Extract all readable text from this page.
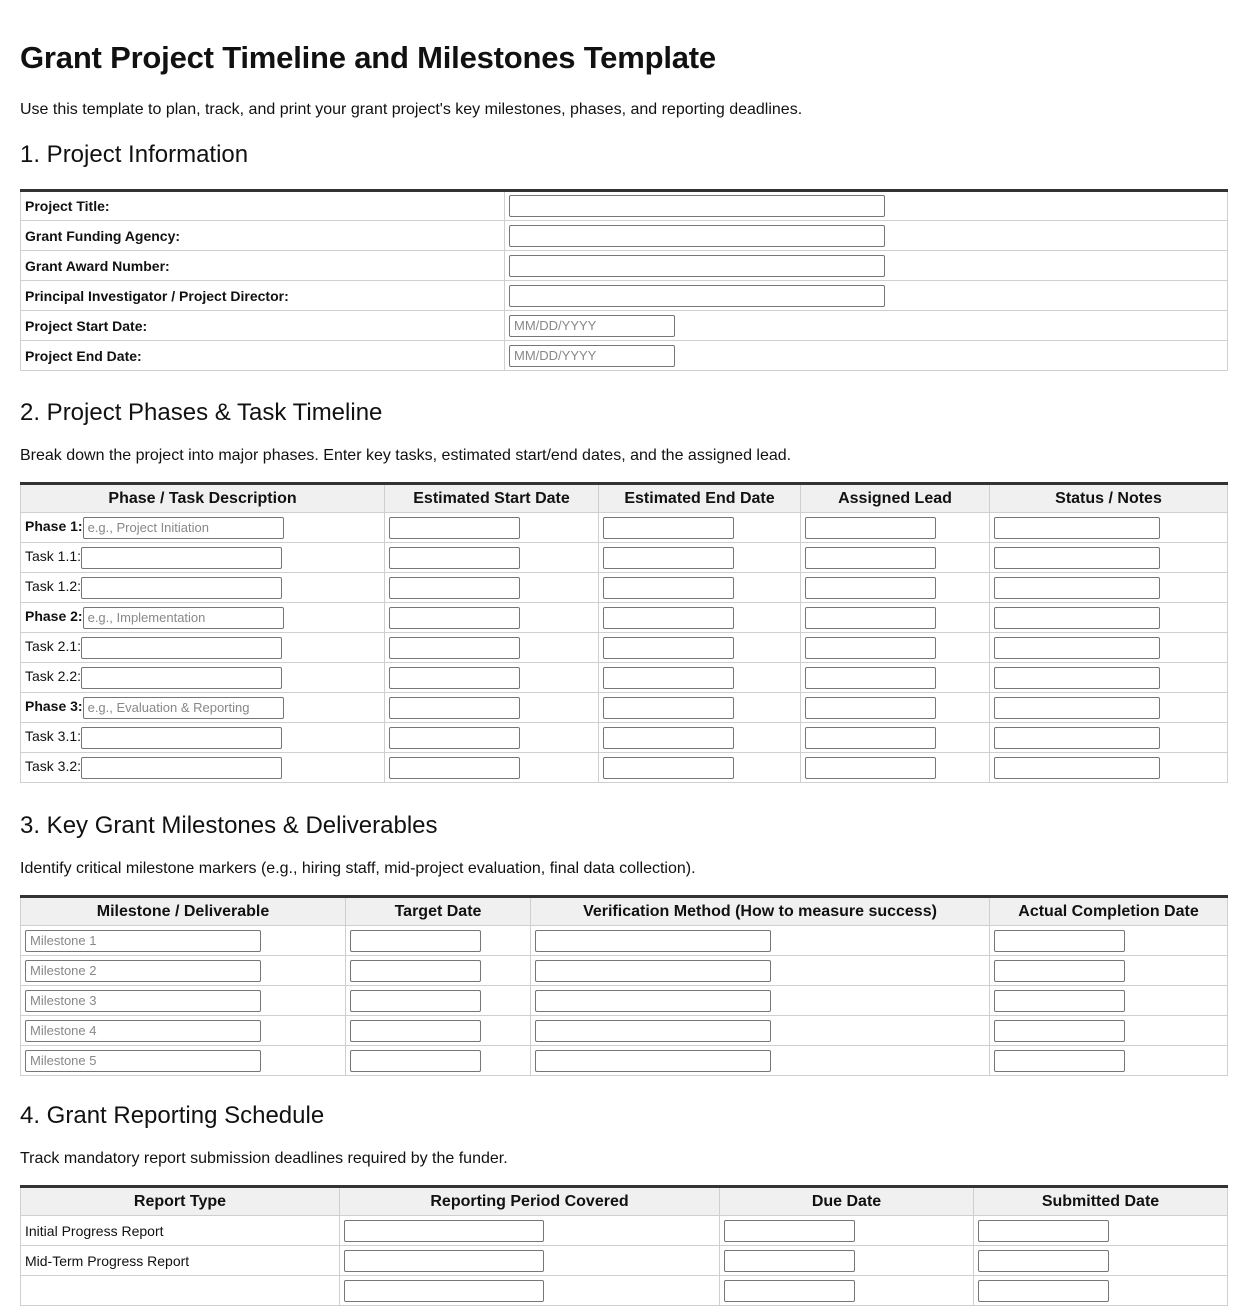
Grant Project Timeline and Milestones Template

Use this template to plan, track, and print your grant project's key milestones, phases, and reporting deadlines.

1. Project Information
Project Title:	
Grant Funding Agency:	
Grant Award Number:	
Principal Investigator / Project Director:	
Project Start Date:	MM/DD/YYYY
Project End Date:	MM/DD/YYYY
2. Project Phases & Task Timeline

Break down the project into major phases. Enter key tasks, estimated start/end dates, and the assigned lead.

Phase / Task Description	Estimated Start Date	Estimated End Date	Assigned Lead	Status / Notes
Phase 1:e.g., Project Initiation				
Task 1.1:				
Task 1.2:				
Phase 2:e.g., Implementation				
Task 2.1:				
Task 2.2:				
Phase 3:e.g., Evaluation & Reporting				
Task 3.1:				
Task 3.2:				
3. Key Grant Milestones & Deliverables

Identify critical milestone markers (e.g., hiring staff, mid-project evaluation, final data collection).

Milestone / Deliverable	Target Date	Verification Method (How to measure success)	Actual Completion Date
Milestone 1			
Milestone 2			
Milestone 3			
Milestone 4			
Milestone 5			
4. Grant Reporting Schedule

Track mandatory report submission deadlines required by the funder.

Report Type	Reporting Period Covered	Due Date	Submitted Date
Initial Progress Report			
Mid-Term Progress Report			
